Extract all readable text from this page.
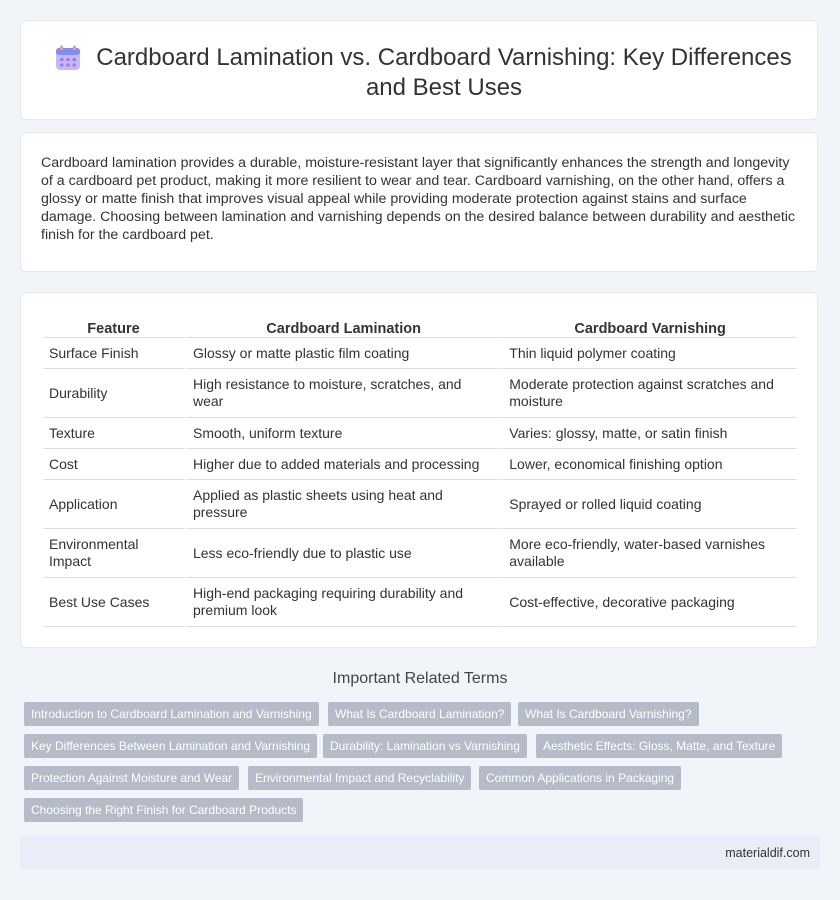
Cardboard Lamination vs. Cardboard Varnishing: Key Differences and Best Uses

Cardboard lamination provides a durable, moisture-resistant layer that significantly enhances the strength and longevity of a cardboard pet product, making it more resilient to wear and tear. Cardboard varnishing, on the other hand, offers a glossy or matte finish that improves visual appeal while providing moderate protection against stains and surface damage. Choosing between lamination and varnishing depends on the desired balance between durability and aesthetic finish for the cardboard pet.

Feature	Cardboard Lamination	Cardboard Varnishing
Surface Finish	Glossy or matte plastic film coating	Thin liquid polymer coating
Durability	High resistance to moisture, scratches, and wear	Moderate protection against scratches and moisture
Texture	Smooth, uniform texture	Varies: glossy, matte, or satin finish
Cost	Higher due to added materials and processing	Lower, economical finishing option
Application	Applied as plastic sheets using heat and pressure	Sprayed or rolled liquid coating
Environmental Impact	Less eco-friendly due to plastic use	More eco-friendly, water-based varnishes available
Best Use Cases	High-end packaging requiring durability and premium look	Cost-effective, decorative packaging
Important Related Terms
Introduction to Cardboard Lamination and Varnishing	What Is Cardboard Lamination?	What Is Cardboard Varnishing?
Key Differences Between Lamination and Varnishing	Durability: Lamination vs Varnishing	Aesthetic Effects: Gloss, Matte, and Texture
Protection Against Moisture and Wear	Environmental Impact and Recyclability	Common Applications in Packaging
Choosing the Right Finish for Cardboard Products
materialdif.com
